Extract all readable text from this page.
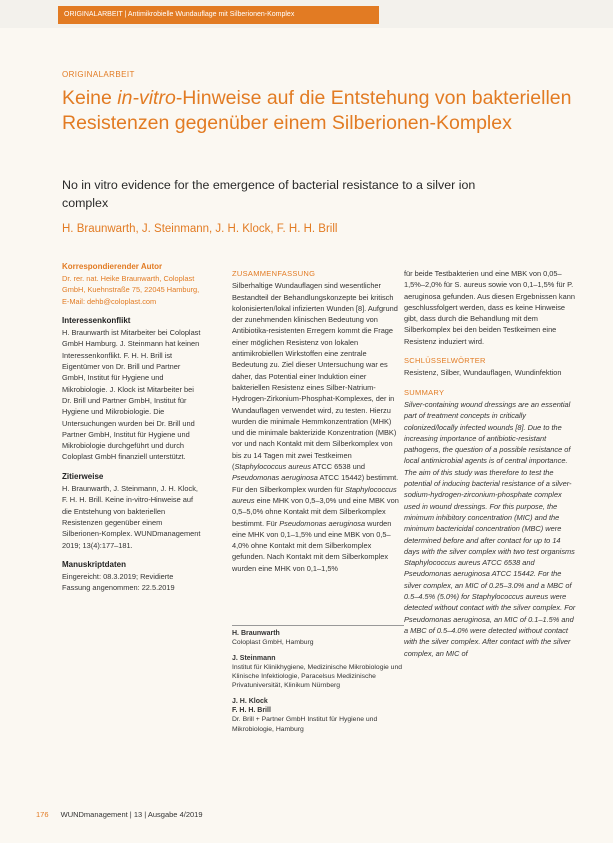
ORIGINALARBEIT | Antimikrobielle Wundauflage mit Silberionen-Komplex
ORIGINALARBEIT
Keine in-vitro-Hinweise auf die Entstehung von bakteriellen Resistenzen gegenüber einem Silberionen-Komplex
No in vitro evidence for the emergence of bacterial resistance to a silver ion complex
H. Braunwarth, J. Steinmann, J. H. Klock, F. H. H. Brill

Korrespondierender Autor

Dr. rer. nat. Heike Braunwarth, Coloplast GmbH, Kuehnstraße 75, 22045 Hamburg, E-Mail: dehb@coloplast.com

Interessenkonflikt

H. Braunwarth ist Mitarbeiter bei Coloplast GmbH Hamburg. J. Steinmann hat keinen Interessenkonflikt. F. H. H. Brill ist Eigentümer von Dr. Brill und Partner GmbH, Institut für Hygiene und Mikrobiologie. J. Klock ist Mitarbeiter bei Dr. Brill und Partner GmbH, Institut für Hygiene und Mikrobiologie. Die Untersuchungen wurden bei Dr. Brill und Partner GmbH, Institut für Hygiene und Mikrobiologie durchgeführt und durch Coloplast GmbH finanziell unterstützt.

Zitierweise

H. Braunwarth, J. Steinmann, J. H. Klock, F. H. H. Brill. Keine in-vitro-Hinweise auf die Entstehung von bakteriellen Resistenzen gegenüber einem Silberionen-Komplex. WUNDmanagement 2019; 13(4):177–181.

Manuskriptdaten

Eingereicht: 08.3.2019; Revidierte Fassung angenommen: 22.5.2019

ZUSAMMENFASSUNG

Silberhaltige Wundauflagen sind wesentlicher Bestandteil der Behandlungskonzepte bei kritisch kolonisierten/lokal infizierten Wunden [8]. Aufgrund der zunehmenden klinischen Bedeutung von Antibiotika-resistenten Erregern kommt die Frage einer möglichen Resistenz von lokalen antimikrobiellen Wirkstoffen eine zentrale Bedeutung zu. Ziel dieser Untersuchung war es daher, das Potential einer Induktion einer bakteriellen Resistenz eines Silber-Natrium-Hydrogen-Zirkonium-Phosphat-Komplexes, der in Wundauflagen verwendet wird, zu testen. Hierzu wurden die minimale Hemmkonzentration (MHK) und die minimale bakterizide Konzentration (MBK) vor und nach Kontakt mit dem Silberkomplex von bis zu 14 Tagen mit zwei Testkeimen (Staphylococcus aureus ATCC 6538 und Pseudomonas aeruginosa ATCC 15442) bestimmt. Für den Silberkomplex wurden für Staphylococcus aureus eine MHK von 0,5–3,0% und eine MBK von 0,5–5,0% ohne Kontakt mit dem Silberkomplex bestimmt. Für Pseudomonas aeruginosa wurden eine MHK von 0,1–1,5% und eine MBK von 0,5–4,0% ohne Kontakt mit dem Silberkomplex gefunden. Nach Kontakt mit dem Silberkomplex wurden eine MHK von 0,1–1,5%

H. Braunwarth
Coloplast GmbH, Hamburg
J. Steinmann
Institut für Klinikhygiene, Medizinische Mikrobiologie und Klinische Infektiologie, Paracelsus Medizinische Privatuniversität, Klinikum Nürnberg
J. H. Klock
F. H. H. Brill
Dr. Brill + Partner GmbH Institut für Hygiene und Mikrobiologie, Hamburg

für beide Testbakterien und eine MBK von 0,05–1,5%–2,0% für S. aureus sowie von 0,1–1,5% für P. aeruginosa gefunden. Aus diesen Ergebnissen kann geschlussfolgert werden, dass es keine Hinweise gibt, dass durch die Behandlung mit dem Silberkomplex bei den beiden Testkeimen eine Resistenz induziert wird.

SCHLÜSSELWÖRTER

Resistenz, Silber, Wundauflagen, Wundinfektion

SUMMARY

Silver-containing wound dressings are an essential part of treatment concepts in critically colonized/locally infected wounds [8]. Due to the increasing importance of antibiotic-resistant pathogens, the question of a possible resistance of local antimicrobial agents is of central importance. The aim of this study was therefore to test the potential of inducing bacterial resistance of a silver-sodium-hydrogen-zirconium-phosphate complex used in wound dressings. For this purpose, the minimum inhibitory concentration (MIC) and the minimum bactericidal concentration (MBC) were determined before and after contact for up to 14 days with the silver complex with two test organisms Staphylococcus aureus ATCC 6538 and Pseudomonas aeruginosa ATCC 15442. For the silver complex, an MIC of 0.25–3.0% and a MBC of 0.5–4.5% (5.0%) for Staphylococcus aureus were detected without contact with the silver complex. For Pseudomonas aeruginosa, an MIC of 0.1–1.5% and a MBC of 0.5–4.0% were detected without contact with the silver complex. After contact with the silver complex, an MIC of

176 WUNDmanagement | 13 | Ausgabe 4/2019
